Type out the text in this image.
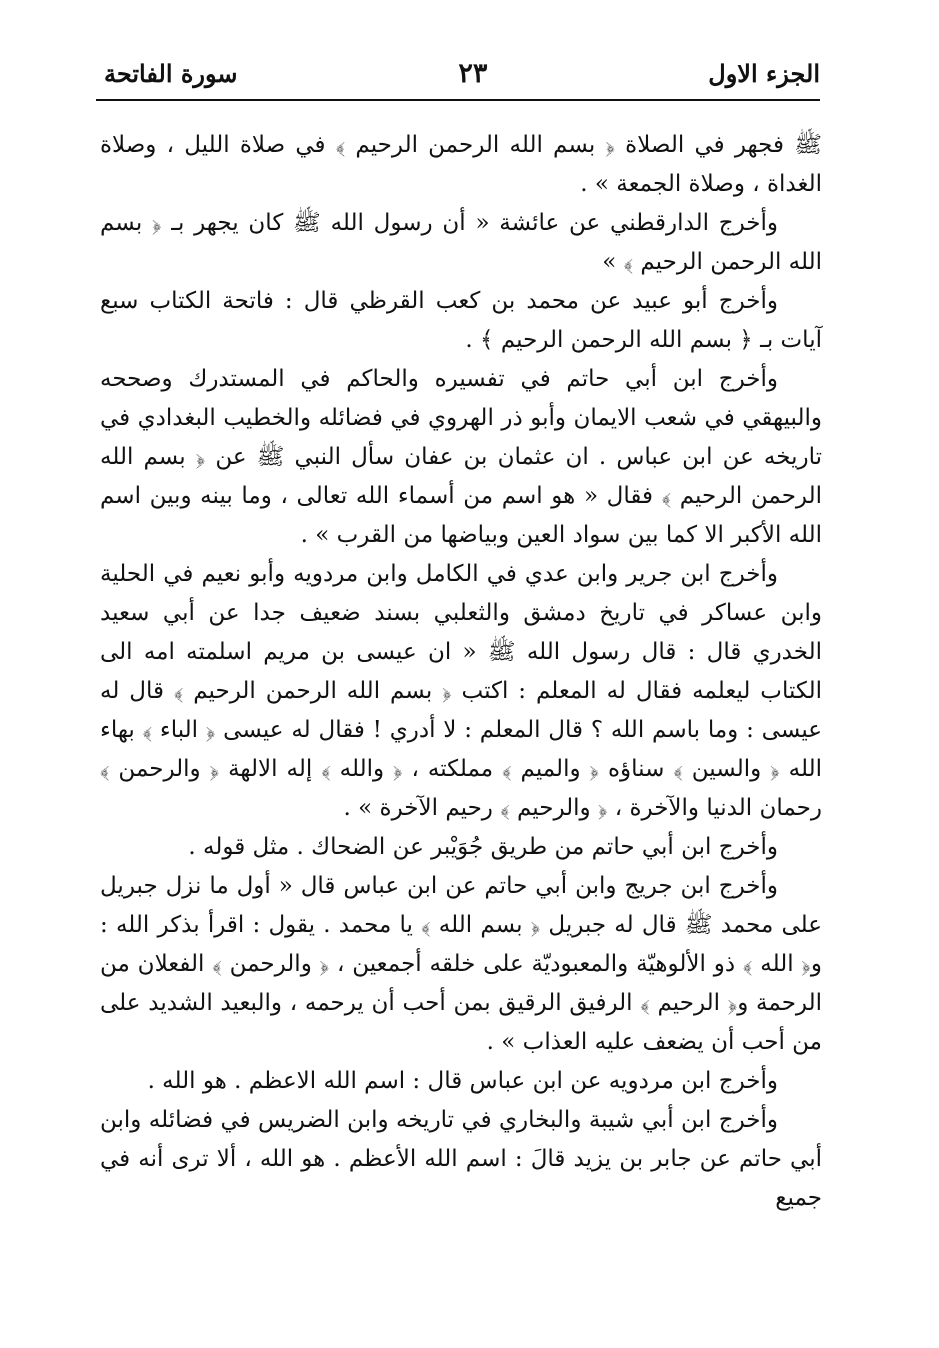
الجزء الاول
٢٣
سورة الفاتحة

ﷺ فجهر في الصلاة ﴿ بسم الله الرحمن الرحيم ﴾ في صلاة الليل ، وصلاة الغداة ، وصلاة الجمعة » .

وأخرج الدارقطني عن عائشة « أن رسول الله ﷺ كان يجهر بـ ﴿ بسم الله الرحمن الرحيم ﴾ »

وأخرج أبو عبيد عن محمد بن كعب القرظي قال : فاتحة الكتاب سبع آيات بـ ﴿ بسم الله الرحمن الرحيم ﴾ .

وأخرج ابن أبي حاتم في تفسيره والحاكم في المستدرك وصححه والبيهقي في شعب الايمان وأبو ذر الهروي في فضائله والخطيب البغدادي في تاريخه عن ابن عباس . ان عثمان بن عفان سأل النبي ﷺ عن ﴿ بسم الله الرحمن الرحيم ﴾ فقال « هو اسم من أسماء الله تعالى ، وما بينه وبين اسم الله الأكبر الا كما بين سواد العين وبياضها من القرب » .

وأخرج ابن جرير وابن عدي في الكامل وابن مردويه وأبو نعيم في الحلية وابن عساكر في تاريخ دمشق والثعلبي بسند ضعيف جدا عن أبي سعيد الخدري قال : قال رسول الله ﷺ « ان عيسى بن مريم اسلمته امه الى الكتاب ليعلمه فقال له المعلم : اكتب ﴿ بسم الله الرحمن الرحيم ﴾ قال له عيسى : وما باسم الله ؟ قال المعلم : لا أدري ! فقال له عيسى ﴿ الباء ﴾ بهاء الله ﴿ والسين ﴾ سناؤه ﴿ والميم ﴾ مملكته ، ﴿ والله ﴾ إله الالهة ﴿ والرحمن ﴾ رحمان الدنيا والآخرة ، ﴿ والرحيم ﴾ رحيم الآخرة » .

وأخرج ابن أبي حاتم من طريق جُوَيْبر عن الضحاك . مثل قوله .

وأخرج ابن جريج وابن أبي حاتم عن ابن عباس قال « أول ما نزل جبريل على محمد ﷺ قال له جبريل ﴿ بسم الله ﴾ يا محمد . يقول : اقرأ بذكر الله : و﴿ الله ﴾ ذو الألوهيّة والمعبوديّة على خلقه أجمعين ، ﴿ والرحمن ﴾ الفعلان من الرحمة و﴿ الرحيم ﴾ الرفيق الرقيق بمن أحب أن يرحمه ، والبعيد الشديد على من أحب أن يضعف عليه العذاب » .

وأخرج ابن مردويه عن ابن عباس قال : اسم الله الاعظم . هو الله .

وأخرج ابن أبي شيبة والبخاري في تاريخه وابن الضريس في فضائله وابن أبي حاتم عن جابر بن يزيد قالَ : اسم الله الأعظم . هو الله ، ألا ترى أنه في جميع
